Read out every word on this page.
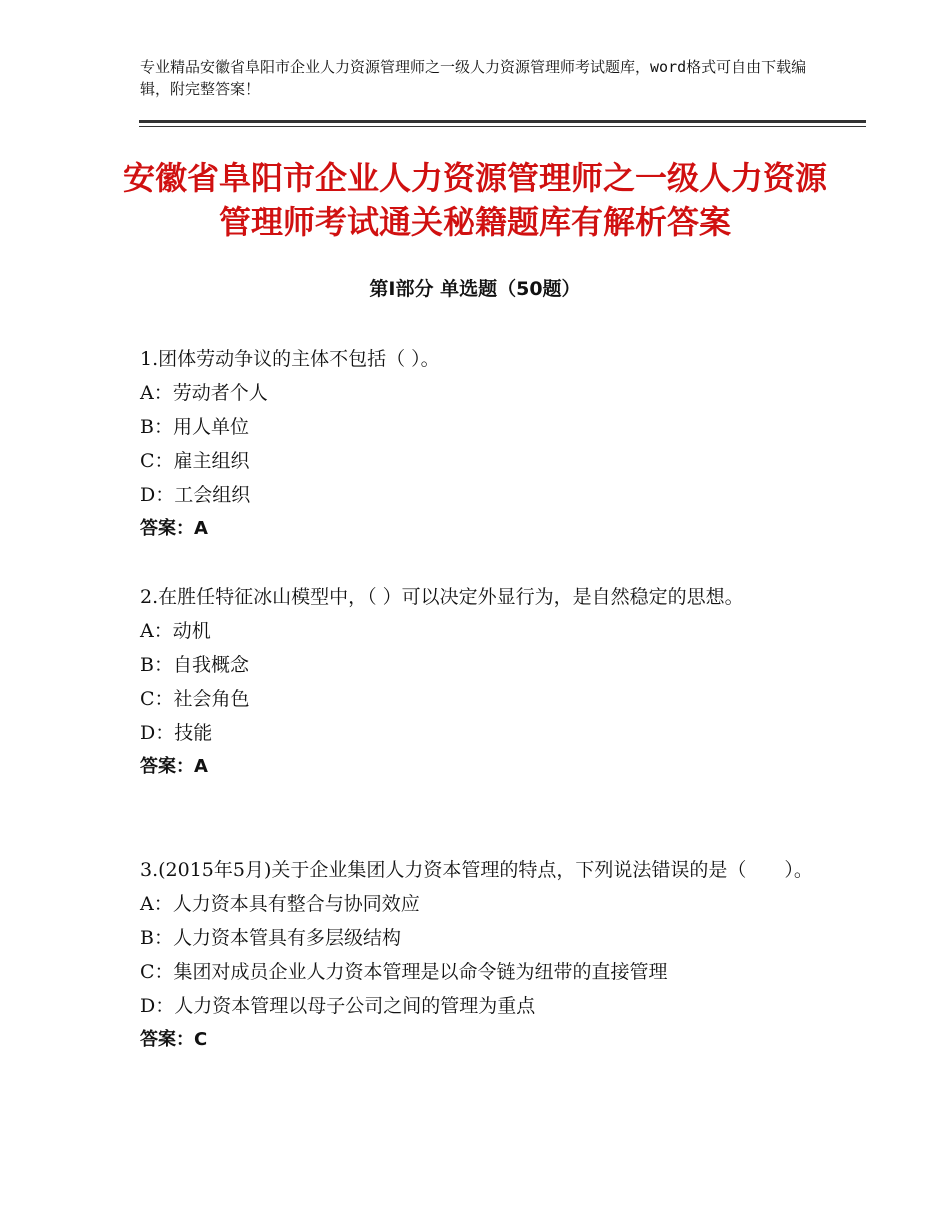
专业精品安徽省阜阳市企业人力资源管理师之一级人力资源管理师考试题库，word格式可自由下载编辑，附完整答案！
安徽省阜阳市企业人力资源管理师之一级人力资源管理师考试通关秘籍题库有解析答案
第Ⅰ部分 单选题（50题）
1.团体劳动争议的主体不包括（ ）。
A：劳动者个人
B：用人单位
C：雇主组织
D：工会组织
答案：A
2.在胜任特征冰山模型中，（ ）可以决定外显行为，是自然稳定的思想。
A：动机
B：自我概念
C：社会角色
D：技能
答案：A
3.(2015年5月)关于企业集团人力资本管理的特点，下列说法错误的是（　　）。
A：人力资本具有整合与协同效应
B：人力资本管具有多层级结构
C：集团对成员企业人力资本管理是以命令链为纽带的直接管理
D：人力资本管理以母子公司之间的管理为重点
答案：C
